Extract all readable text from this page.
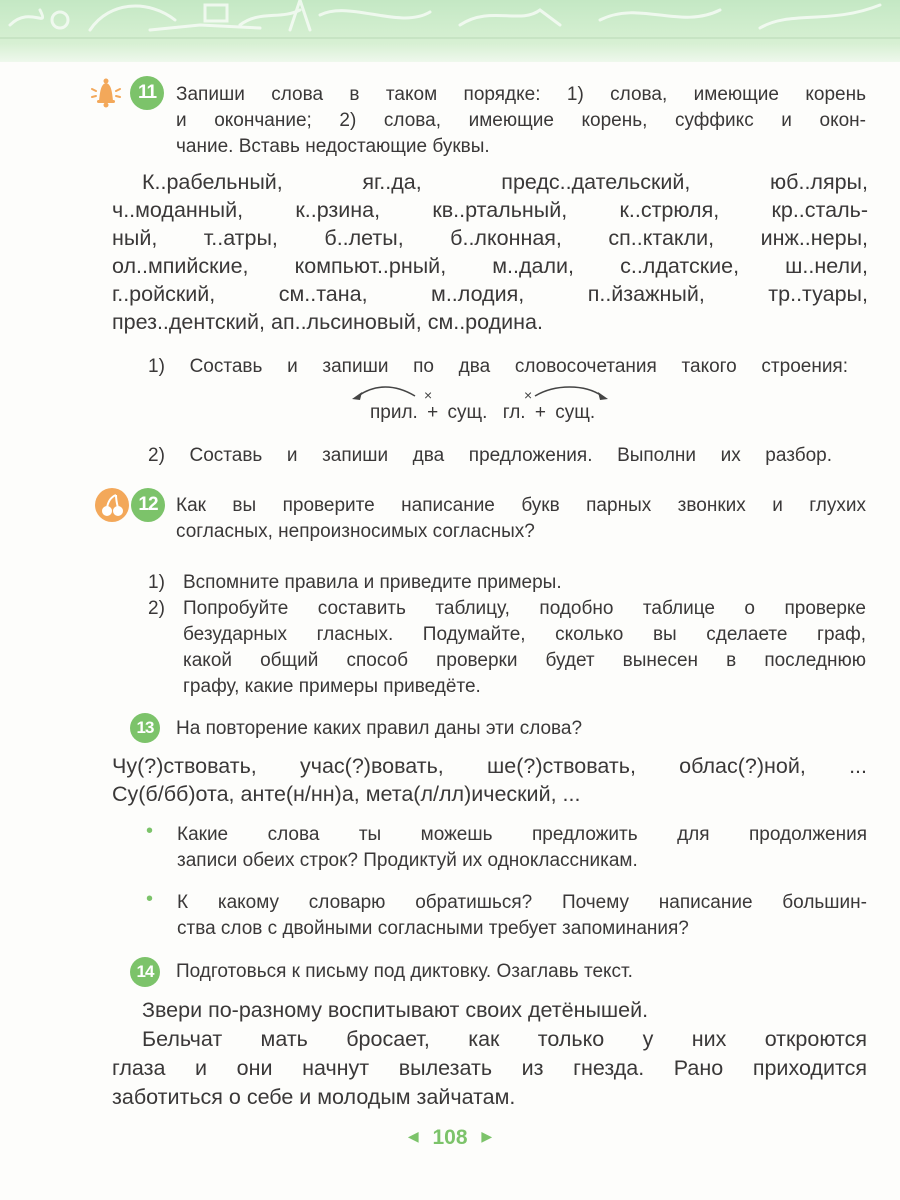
11	Запиши слова в таком порядке: 1) слова, имеющие корень
и окончание; 2) слова, имеющие корень, суффикс и окон-
чание. Вставь недостающие буквы.
К..рабельный, яг..да, предс..дательский, юб..ляры,
ч..моданный, к..рзина, кв..ртальный, к..стрюля, кр..сталь-
ный, т..атры, б..леты, б..лконная, сп..ктакли, инж..неры,
ол..мпийские, компьют..рный, м..дали, с..лдатские, ш..нели,
г..ройский, см..тана, м..лодия, п..йзажный, тр..туары,
през..дентский, ап..льсиновый, см..родина.
1) Составь и запиши по два словосочетания такого строения:
×	×
прил. + сущ. гл. + сущ.
2) Составь и запиши два предложения. Выполни их разбор.
12 Как вы проверите написание букв парных звонких и глухих
согласных, непроизносимых согласных?
1) Вспомните правила и приведите примеры.
2) Попробуйте составить таблицу, подобно таблице о проверке
безударных гласных. Подумайте, сколько вы сделаете граф,
какой общий способ проверки будет вынесен в последнюю
графу, какие примеры приведёте.
13	На повторение каких правил даны эти слова?
Чу(?)ствовать, учас(?)вовать, ше(?)ствовать, облас(?)ной, ...
Су(б/бб)ота, анте(н/нн)а, мета(л/лл)ический, ...
• Какие слова ты можешь предложить для продолжения
записи обеих строк? Продиктуй их одноклассникам.
• К какому словарю обратишься? Почему написание большин-
ства слов с двойными согласными требует запоминания?
14	Подготовься к письму под диктовку. Озаглавь текст.
Звери по-разному воспитывают своих детёнышей.
Бельчат мать бросает, как только у них откроются
глаза и они начнут вылезать из гнезда. Рано приходится
заботиться о себе и молодым зайчатам.
◀ 108 ▶
